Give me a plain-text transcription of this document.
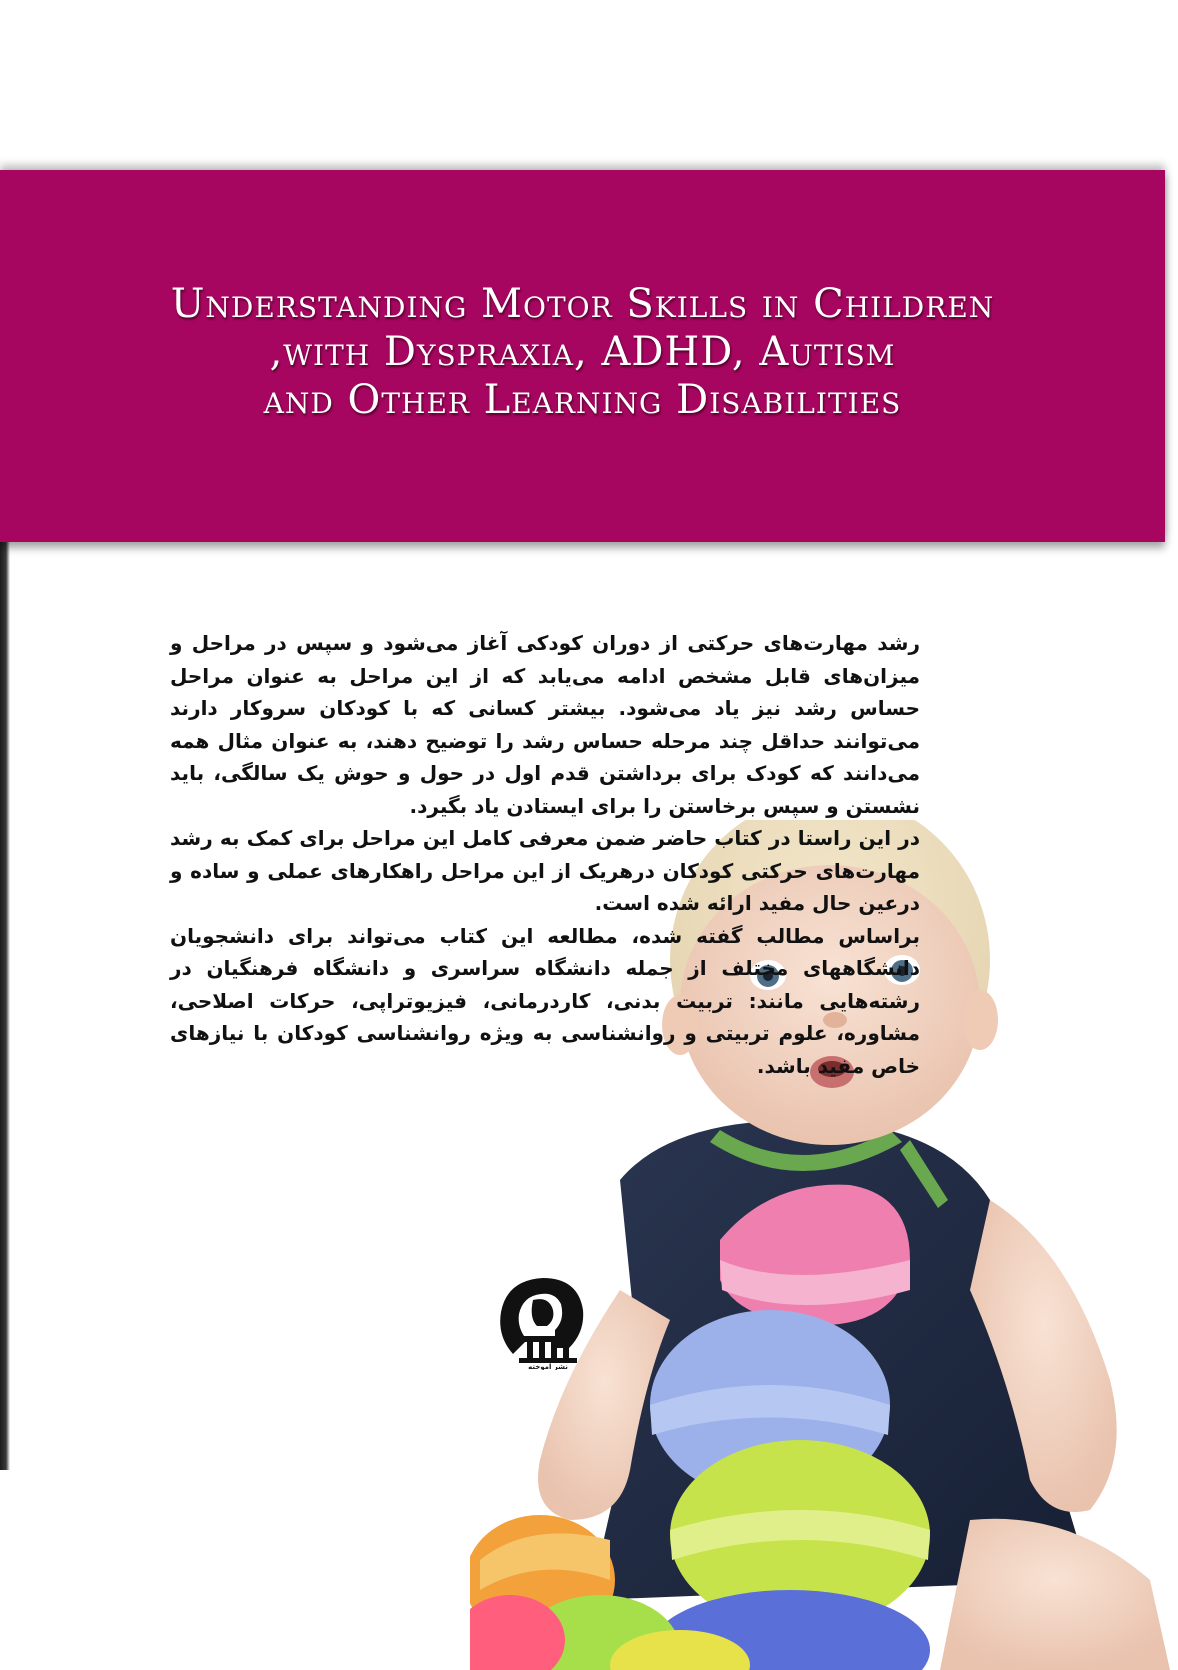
Understanding Motor Skills in Children
,with Dyspraxia, ADHD, Autism
and Other Learning Disabilities
نشر آموخته

رشد مهارت‌های حرکتی از دوران کودکی آغاز می‌شود و سپس در مراحل و میزان‌های قابل مشخص ادامه می‌یابد که از این مراحل به عنوان مراحل حساس رشد نیز یاد می‌شود. بیشتر کسانی که با کودکان سروکار دارند می‌توانند حداقل چند مرحله حساس رشد را توضیح دهند، به عنوان مثال همه می‌دانند که کودک برای برداشتن قدم اول در حول و حوش یک سالگی، باید نشستن و سپس برخاستن را برای ایستادن یاد بگیرد.

در این راستا در کتاب حاضر ضمن معرفی کامل این مراحل برای کمک به رشد مهارت‌های حرکتی کودکان درهریک از این مراحل راهکارهای عملی و ساده و درعین حال مفید ارائه شده است.

براساس مطالب گفته شده، مطالعه این کتاب می‌تواند برای دانشجویان دانشگاههای مختلف از جمله دانشگاه سراسری و دانشگاه فرهنگیان در رشته‌هایی مانند: تربیت بدنی، کاردرمانی، فیزیوتراپی، حرکات اصلاحی، مشاوره، علوم تربیتی و روانشناسی به ویژه روانشناسی کودکان با نیازهای خاص مفید باشد.
